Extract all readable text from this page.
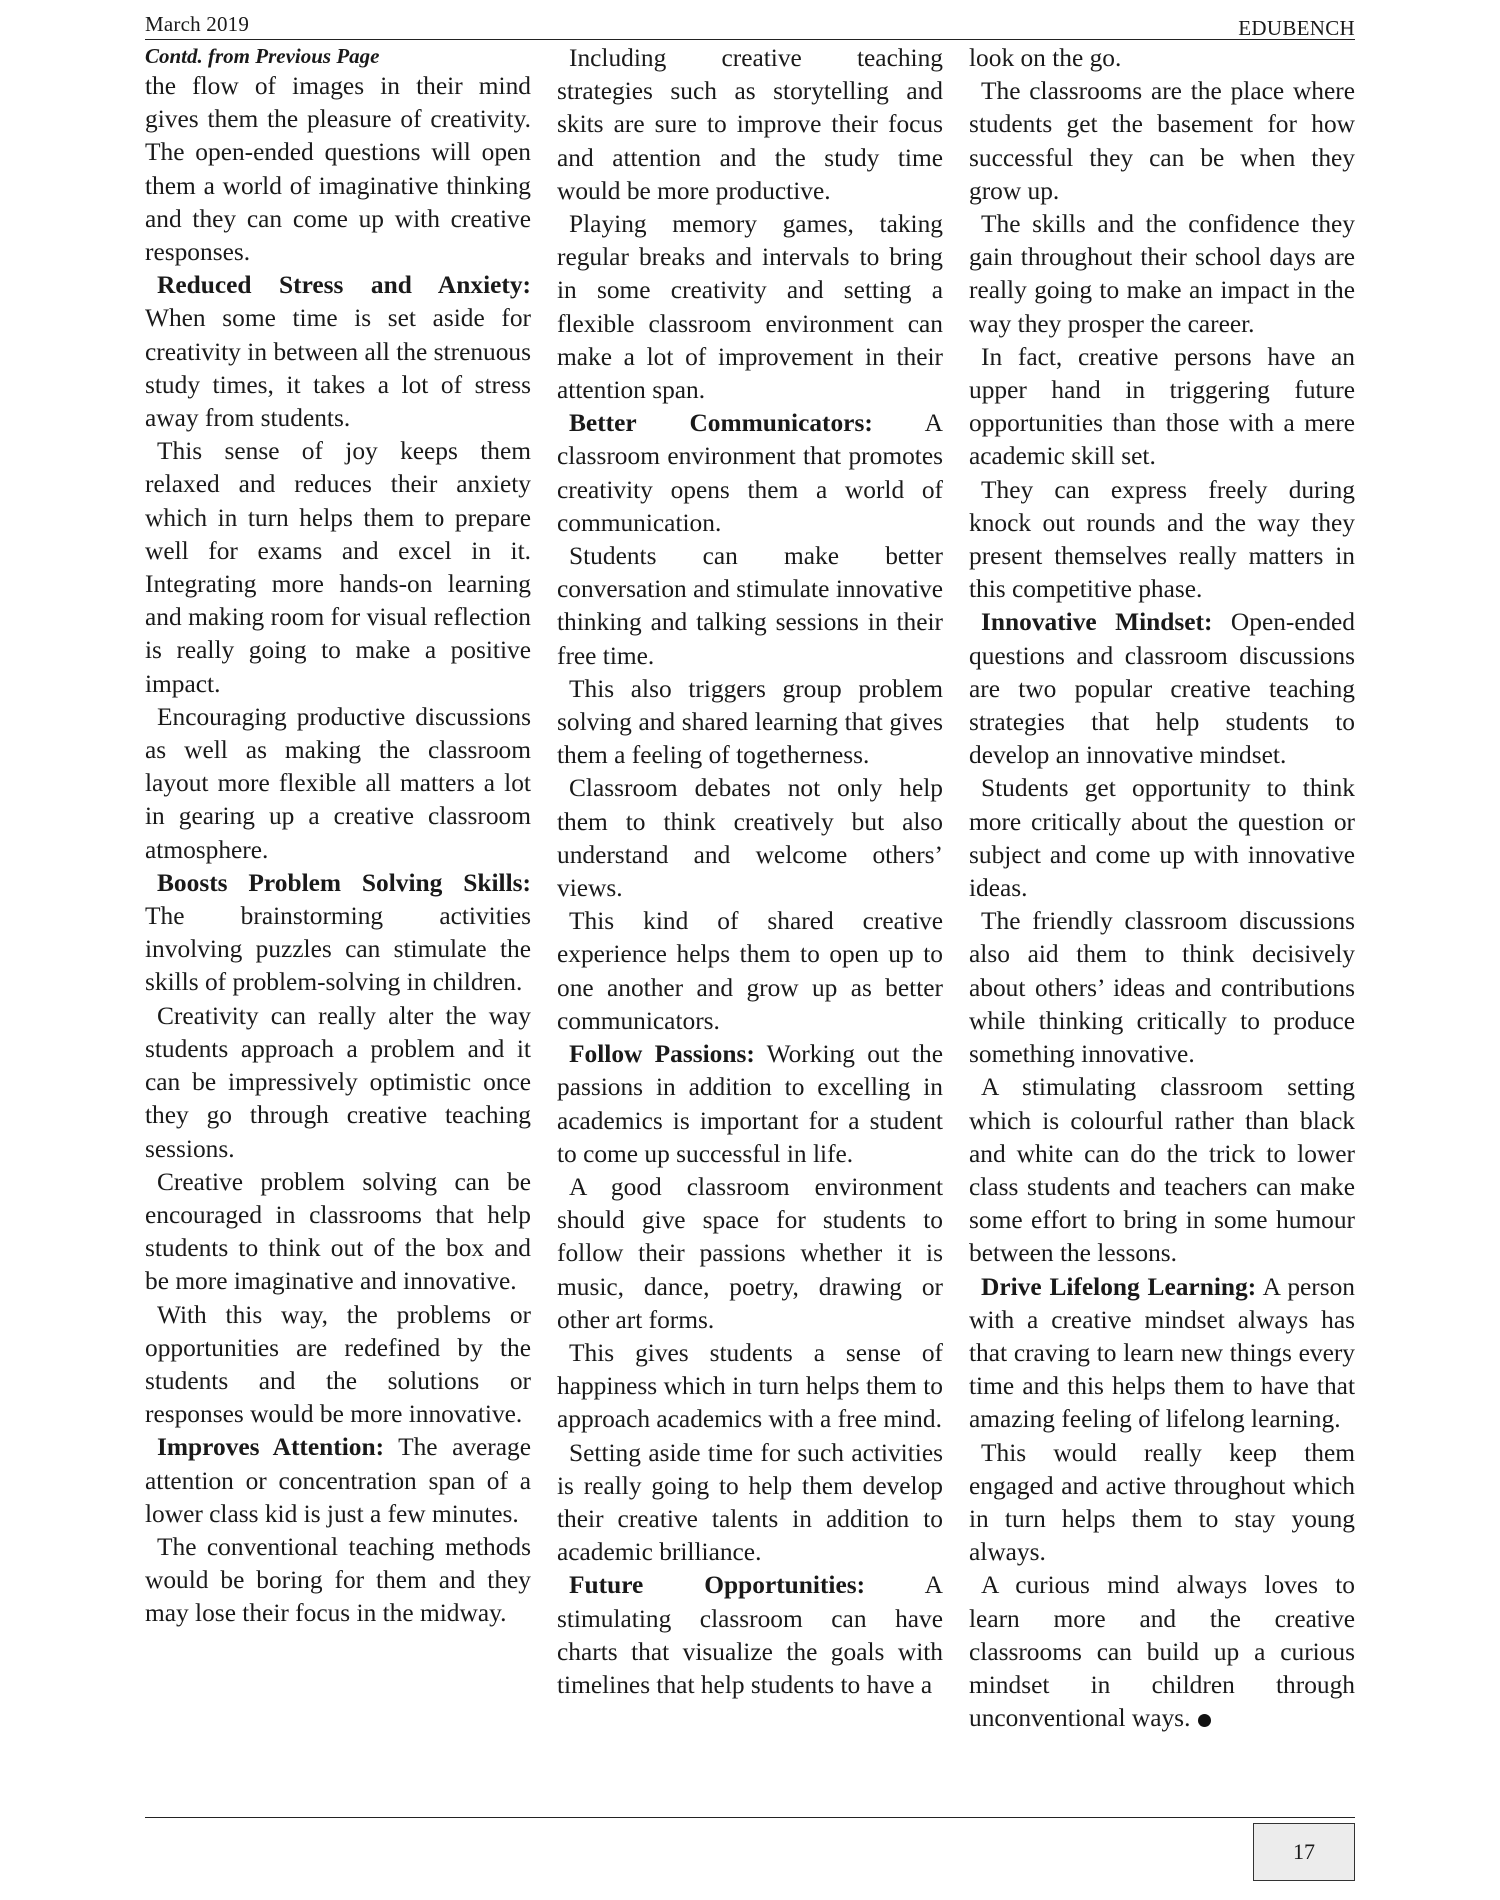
March 2019	EDUBENCH

Contd. from Previous Page

the flow of images in their mind gives them the pleasure of creativity. The open-ended questions will open them a world of imaginative thinking and they can come up with creative responses.

Reduced Stress and Anxiety: When some time is set aside for creativity in between all the strenuous study times, it takes a lot of stress away from students.

This sense of joy keeps them relaxed and reduces their anxiety which in turn helps them to prepare well for exams and excel in it. Integrating more hands-on learning and making room for visual reflection is really going to make a positive impact.

Encouraging productive discussions as well as making the classroom layout more flexible all matters a lot in gearing up a creative classroom atmosphere.

Boosts Problem Solving Skills: The brainstorming activities involving puzzles can stimulate the skills of problem-solving in children.

Creativity can really alter the way students approach a problem and it can be impressively optimistic once they go through creative teaching sessions.

Creative problem solving can be encouraged in classrooms that help students to think out of the box and be more imaginative and innovative.

With this way, the problems or opportunities are redefined by the students and the solutions or responses would be more innovative.

Improves Attention: The average attention or concentration span of a lower class kid is just a few minutes.

The conventional teaching methods would be boring for them and they may lose their focus in the midway.

Including creative teaching strategies such as storytelling and skits are sure to improve their focus and attention and the study time would be more productive.

Playing memory games, taking regular breaks and intervals to bring in some creativity and setting a flexible classroom environment can make a lot of improvement in their attention span.

Better Communicators: A classroom environment that promotes creativity opens them a world of communication.

Students can make better conversation and stimulate innovative thinking and talking sessions in their free time.

This also triggers group problem solving and shared learning that gives them a feeling of togetherness.

Classroom debates not only help them to think creatively but also understand and welcome others’ views.

This kind of shared creative experience helps them to open up to one another and grow up as better communicators.

Follow Passions: Working out the passions in addition to excelling in academics is important for a student to come up successful in life.

A good classroom environment should give space for students to follow their passions whether it is music, dance, poetry, drawing or other art forms.

This gives students a sense of happiness which in turn helps them to approach academics with a free mind.

Setting aside time for such activities is really going to help them develop their creative talents in addition to academic brilliance.

Future Opportunities: A stimulating classroom can have charts that visualize the goals with timelines that help students to have a

look on the go.

The classrooms are the place where students get the basement for how successful they can be when they grow up.

The skills and the confidence they gain throughout their school days are really going to make an impact in the way they prosper the career.

In fact, creative persons have an upper hand in triggering future opportunities than those with a mere academic skill set.

They can express freely during knock out rounds and the way they present themselves really matters in this competitive phase.

Innovative Mindset: Open-ended questions and classroom discussions are two popular creative teaching strategies that help students to develop an innovative mindset.

Students get opportunity to think more critically about the question or subject and come up with innovative ideas.

The friendly classroom discussions also aid them to think decisively about others’ ideas and contributions while thinking critically to produce something innovative.

A stimulating classroom setting which is colourful rather than black and white can do the trick to lower class students and teachers can make some effort to bring in some humour between the lessons.

Drive Lifelong Learning: A person with a creative mindset always has that craving to learn new things every time and this helps them to have that amazing feeling of lifelong learning.

This would really keep them engaged and active throughout which in turn helps them to stay young always.

A curious mind always loves to learn more and the creative classrooms can build up a curious mindset in children through unconventional ways.

17
